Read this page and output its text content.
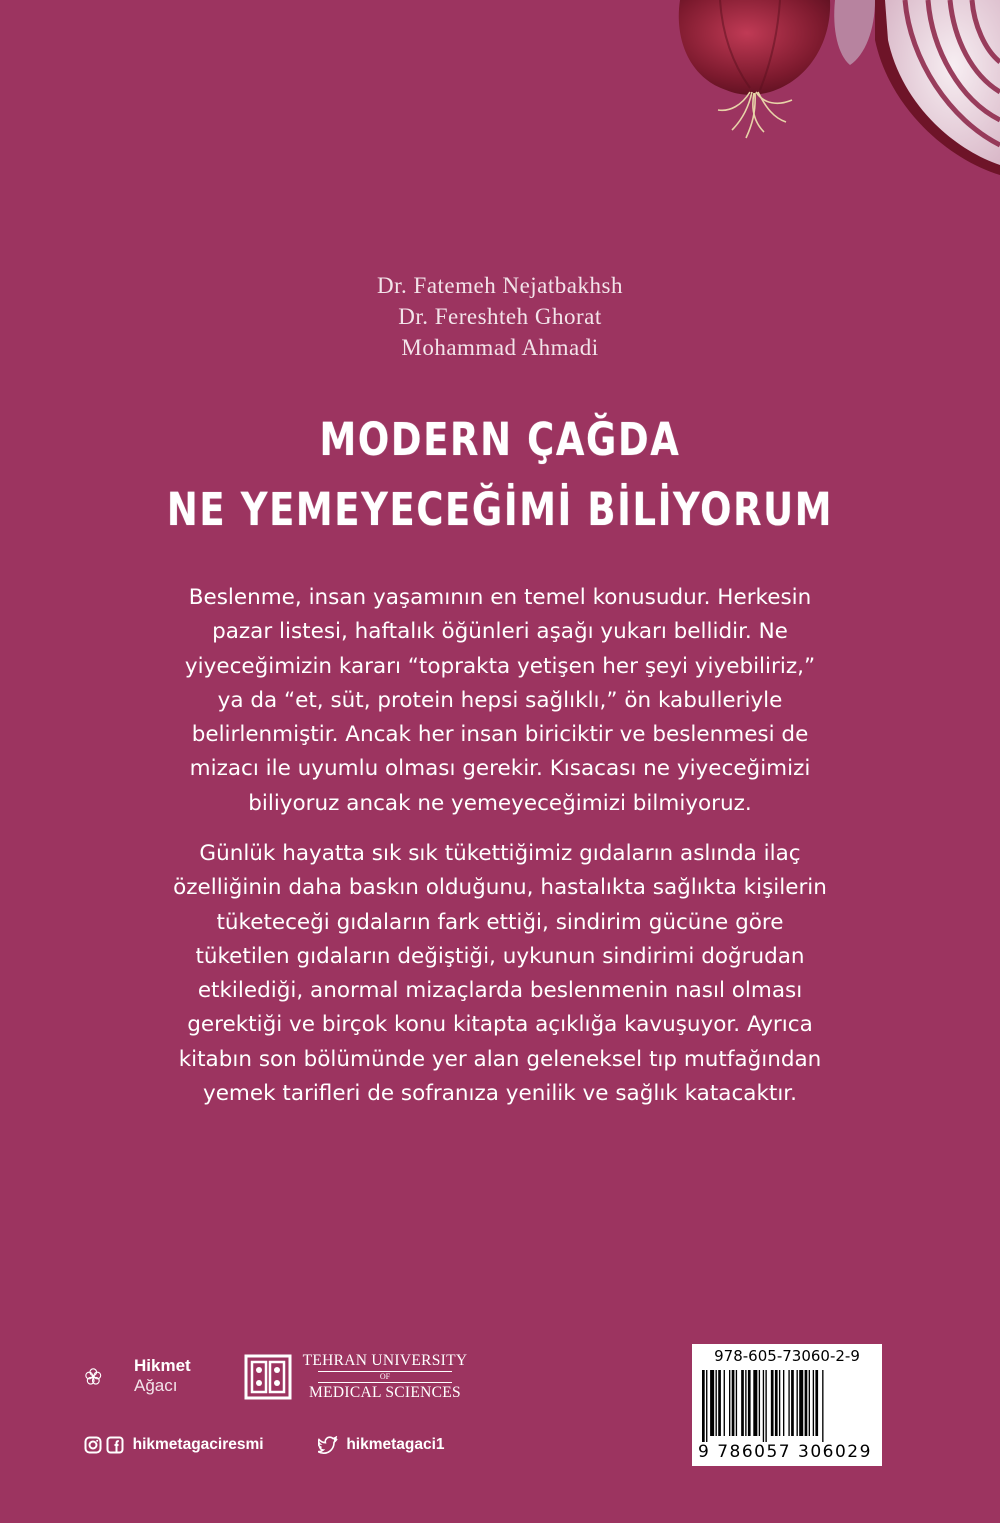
Dr. Fatemeh Nejatbakhsh
Dr. Fereshteh Ghorat
Mohammad Ahmadi
MODERN ÇAĞDA
NE YEMEYECEĞİMİ BİLİYORUM

Beslenme, insan yaşamının en temel konusudur. Herkesin
pazar listesi, haftalık öğünleri aşağı yukarı bellidir. Ne
yiyeceğimizin kararı “toprakta yetişen her şeyi yiyebiliriz,”
ya da “et, süt, protein hepsi sağlıklı,” ön kabulleriyle
belirlenmiştir. Ancak her insan biriciktir ve beslenmesi de
mizacı ile uyumlu olması gerekir. Kısacası ne yiyeceğimizi
biliyoruz ancak ne yemeyeceğimizi bilmiyoruz.

Günlük hayatta sık sık tükettiğimiz gıdaların aslında ilaç
özelliğinin daha baskın olduğunu, hastalıkta sağlıkta kişilerin
tüketeceği gıdaların fark ettiği, sindirim gücüne göre
tüketilen gıdaların değiştiği, uykunun sindirimi doğrudan
etkilediği, anormal mizaçlarda beslenmenin nasıl olması
gerektiği ve birçok konu kitapta açıklığa kavuşuyor. Ayrıca
kitabın son bölümünde yer alan geleneksel tıp mutfağından
yemek tarifleri de sofranıza yenilik ve sağlık katacaktır.

Hikmet
Ağacı
TEHRAN UNIVERSITY
OF
MEDICAL SCIENCES
hikmetagaciresmi	hikmetagaci1
978-605-73060-2-9
9 786057 306029
